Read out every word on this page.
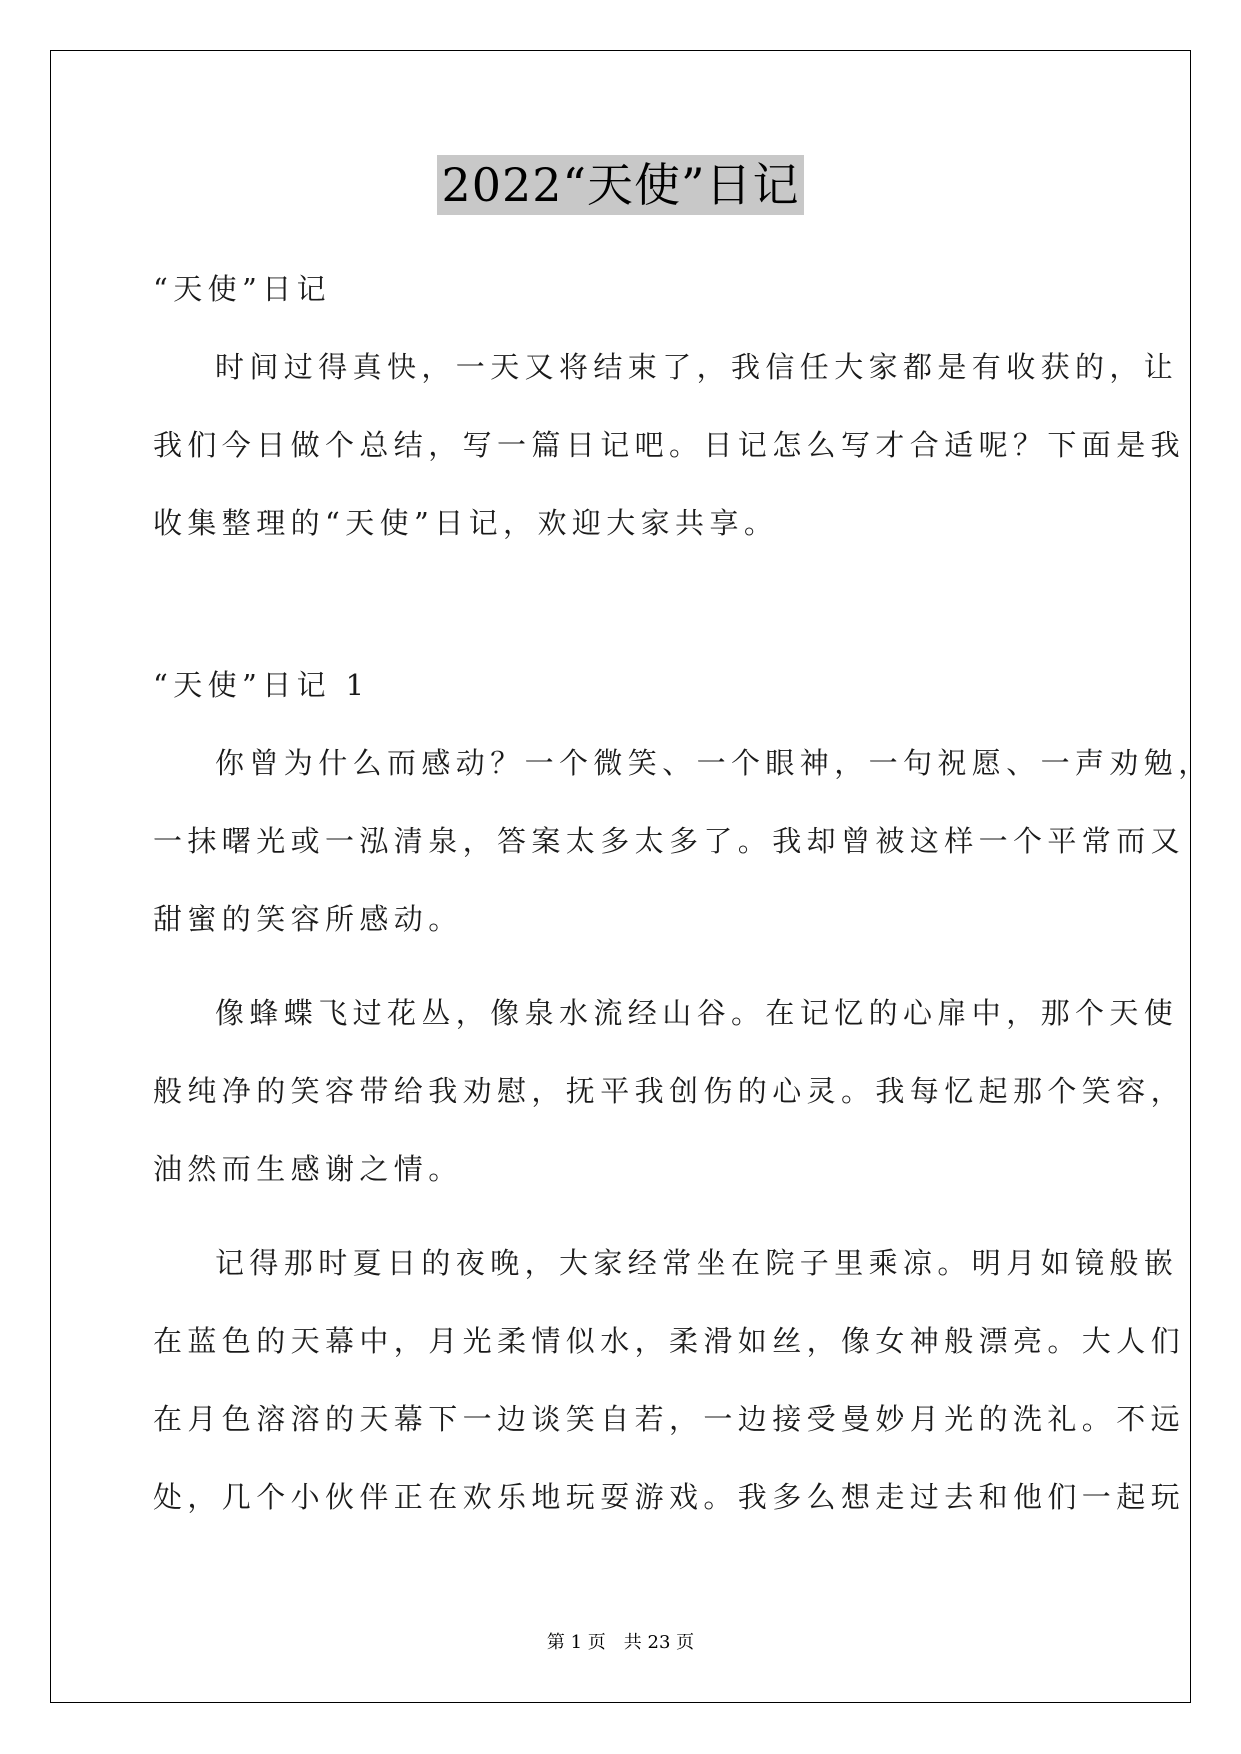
2022“天使”日记
“天使”日记
时间过得真快，一天又将结束了，我信任大家都是有收获的，让
我们今日做个总结，写一篇日记吧。日记怎么写才合适呢？下面是我
收集整理的“天使”日记，欢迎大家共享。
“天使”日记 1
你曾为什么而感动？一个微笑、一个眼神，一句祝愿、一声劝勉，
一抹曙光或一泓清泉，答案太多太多了。我却曾被这样一个平常而又
甜蜜的笑容所感动。
像蜂蝶飞过花丛，像泉水流经山谷。在记忆的心扉中，那个天使
般纯净的笑容带给我劝慰，抚平我创伤的心灵。我每忆起那个笑容，
油然而生感谢之情。
记得那时夏日的夜晚，大家经常坐在院子里乘凉。明月如镜般嵌
在蓝色的天幕中，月光柔情似水，柔滑如丝，像女神般漂亮。大人们
在月色溶溶的天幕下一边谈笑自若，一边接受曼妙月光的洗礼。不远
处，几个小伙伴正在欢乐地玩耍游戏。我多么想走过去和他们一起玩
第 1 页　共 23 页
